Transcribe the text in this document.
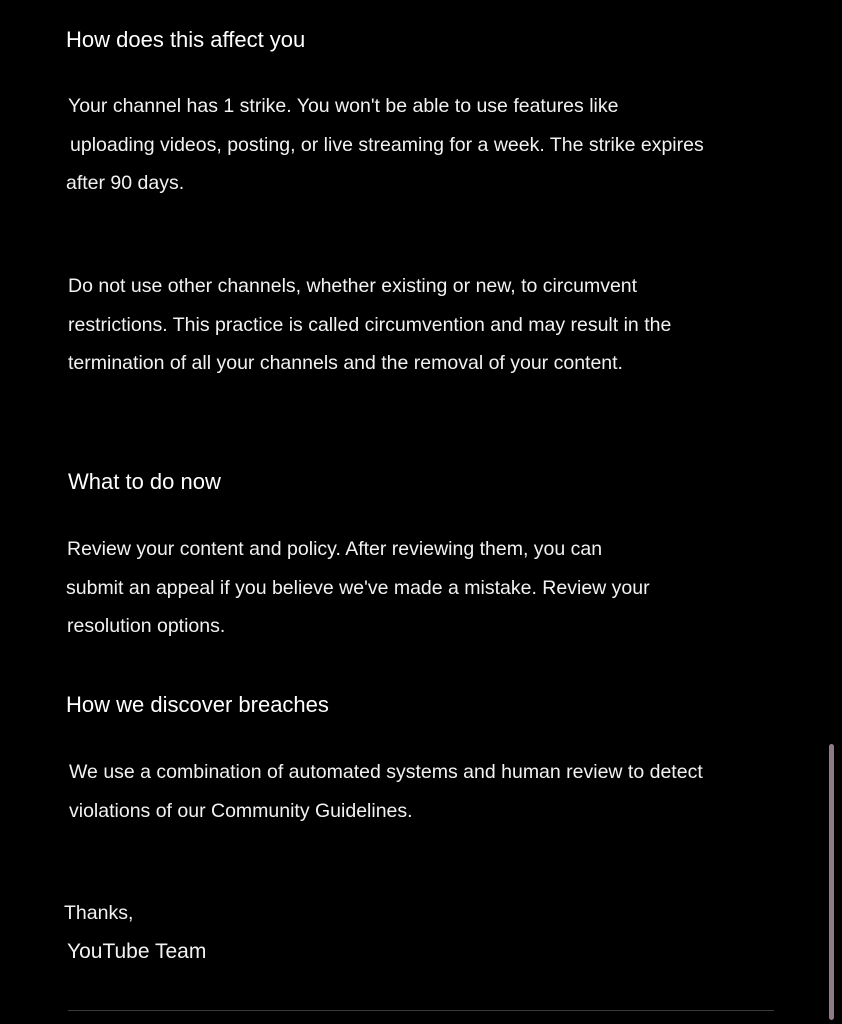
How does this affect you

Your channel has 1 strike. You won't be able to use features like
uploading videos, posting, or live streaming for a week. The strike expires
after 90 days.

Do not use other channels, whether existing or new, to circumvent
restrictions. This practice is called circumvention and may result in the
termination of all your channels and the removal of your content.

What to do now

Review your content and policy. After reviewing them, you can
submit an appeal if you believe we've made a mistake. Review your
resolution options.

How we discover breaches

We use a combination of automated systems and human review to detect
violations of our Community Guidelines.

Thanks,
YouTube Team
